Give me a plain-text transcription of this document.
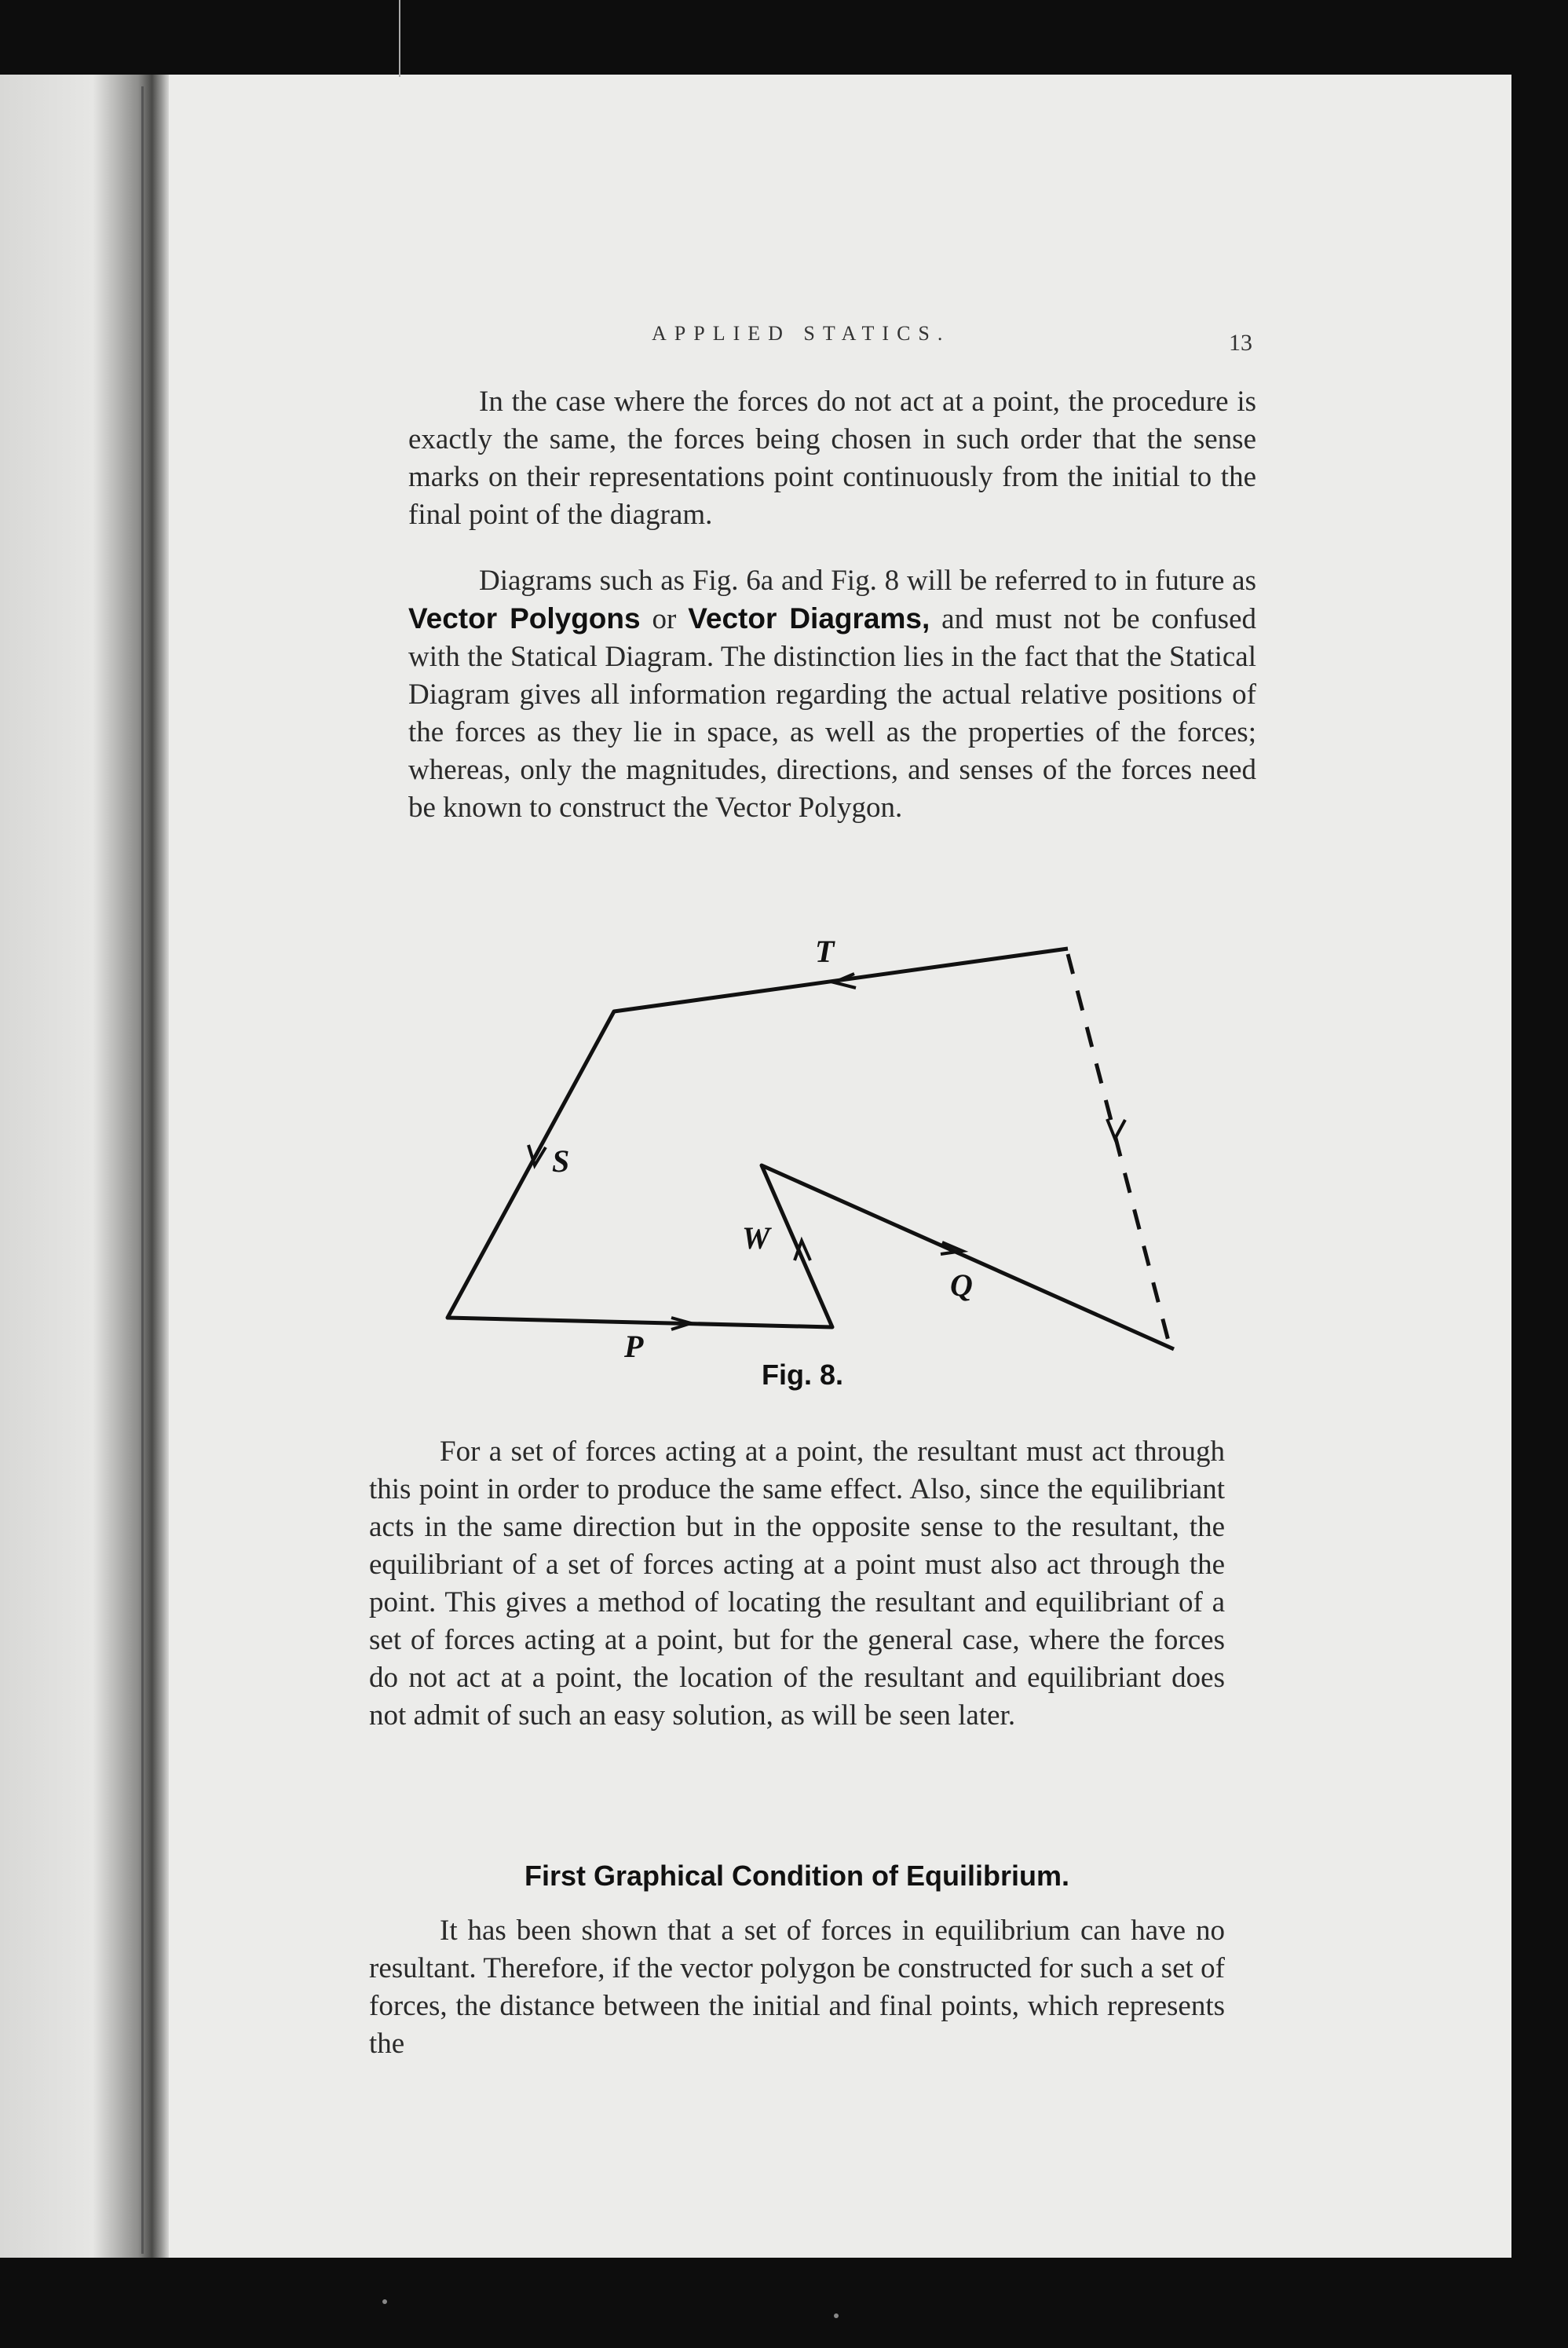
APPLIED STATICS.	13

In the case where the forces do not act at a point, the procedure is exactly the same, the forces being chosen in such order that the sense marks on their representations point continuously from the initial to the final point of the diagram.

Diagrams such as Fig. 6a and Fig. 8 will be referred to in future as Vector Polygons or Vector Diagrams, and must not be confused with the Statical Diagram. The distinction lies in the fact that the Statical Diagram gives all information regarding the actual relative positions of the forces as they lie in space, as well as the properties of the forces; whereas, only the magnitudes, directions, and senses of the forces need be known to construct the Vector Polygon.

T
S
W
Q
P
Fig. 8.

For a set of forces acting at a point, the resultant must act through this point in order to produce the same effect. Also, since the equilibriant acts in the same direction but in the opposite sense to the resultant, the equilibriant of a set of forces acting at a point must also act through the point. This gives a method of locating the resultant and equilibriant of a set of forces acting at a point, but for the general case, where the forces do not act at a point, the location of the resultant and equilibriant does not admit of such an easy solution, as will be seen later.

First Graphical Condition of Equilibrium.

It has been shown that a set of forces in equilibrium can have no resultant. Therefore, if the vector polygon be constructed for such a set of forces, the distance between the initial and final points, which represents the
